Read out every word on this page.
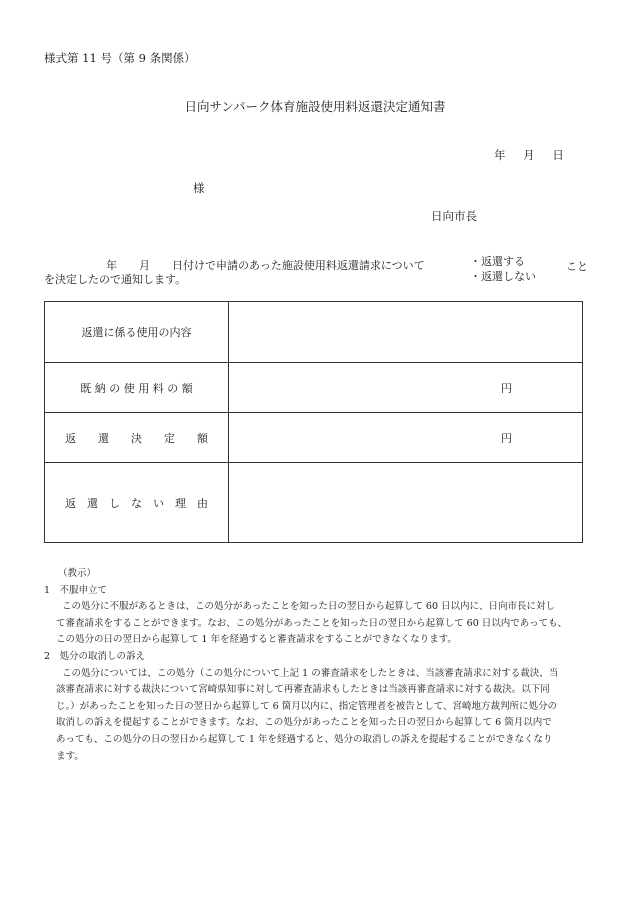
様式第 11 号（第 9 条関係）
日向サンパーク体育施設使用料返還決定通知書
年 月 日
様
日向市長
年 月 日付けで申請のあった施設使用料返還請求について	・返還する
・返還しない
こと
を決定したので通知します。
返還に係る使用の内容	
既 納 の 使 用 料 の 額	円

返　　還　　決　　定　　額	円

返　還　し　な　い　理　由	

（教示）

1　不服申立て

この処分に不服があるときは、この処分があったことを知った日の翌日から起算して 60 日以内に、日向市長に対し

て審査請求をすることができます。なお、この処分があったことを知った日の翌日から起算して 60 日以内であっても、

この処分の日の翌日から起算して 1 年を経過すると審査請求をすることができなくなります。

2　処分の取消しの訴え

この処分については、この処分（この処分について上記 1 の審査請求をしたときは、当該審査請求に対する裁決、当

該審査請求に対する裁決について宮崎県知事に対して再審査請求もしたときは当該再審査請求に対する裁決。以下同

じ。）があったことを知った日の翌日から起算して 6 箇月以内に、指定管理者を被告として、宮崎地方裁判所に処分の

取消しの訴えを提起することができます。なお、この処分があったことを知った日の翌日から起算して 6 箇月以内で

あっても、この処分の日の翌日から起算して 1 年を経過すると、処分の取消しの訴えを提起することができなくなり

ます。
